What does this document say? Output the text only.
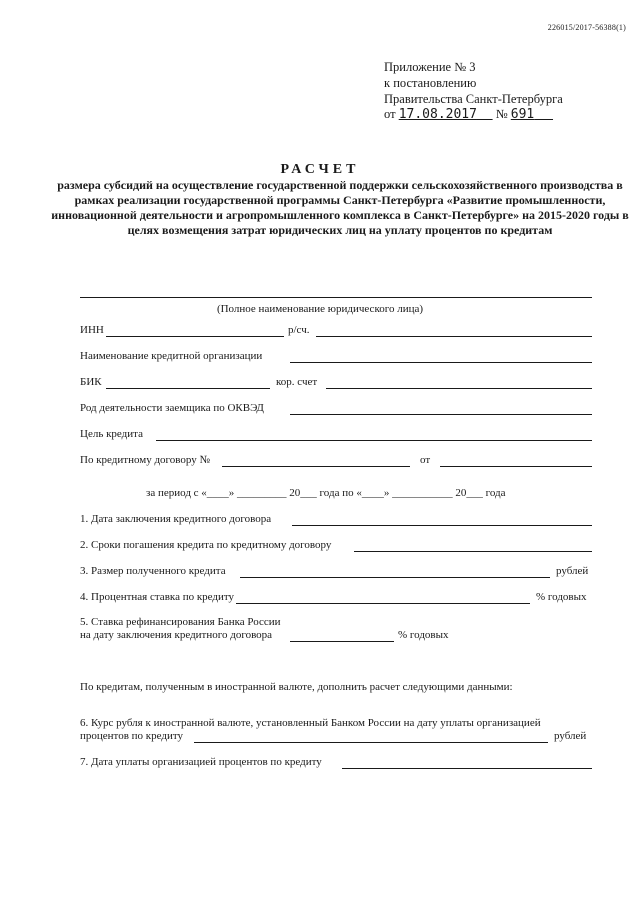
226015/2017-56388(1)
Приложение № 3
к постановлению
Правительства Санкт-Петербурга
от 17.08.2017 № 691
РАСЧЕТ
размера субсидий на осуществление государственной поддержки сельскохозяйственного производства в рамках реализации государственной программы Санкт-Петербурга «Развитие промышленности, инновационной деятельности и агропромышленного комплекса в Санкт-Петербурге» на 2015-2020 годы в целях возмещения затрат юридических лиц на уплату процентов по кредитам
(Полное наименование юридического лица)
ИНН	р/сч.
Наименование кредитной организации
БИК	кор. счет
Род деятельности заемщика по ОКВЭД
Цель кредита
По кредитному договору №	от
за период с «____» _________ 20___ года по «____» ___________ 20___ года
1. Дата заключения кредитного договора
2. Сроки погашения кредита по кредитному договору
3. Размер полученного кредита	рублей
4. Процентная ставка по кредиту	% годовых
5. Ставка рефинансирования Банка России
на дату заключения кредитного договора	% годовых
По кредитам, полученным в иностранной валюте, дополнить расчет следующими данными:
6. Курс рубля к иностранной валюте, установленный Банком России на дату уплаты организацией
процентов по кредиту	рублей
7. Дата уплаты организацией процентов по кредиту
